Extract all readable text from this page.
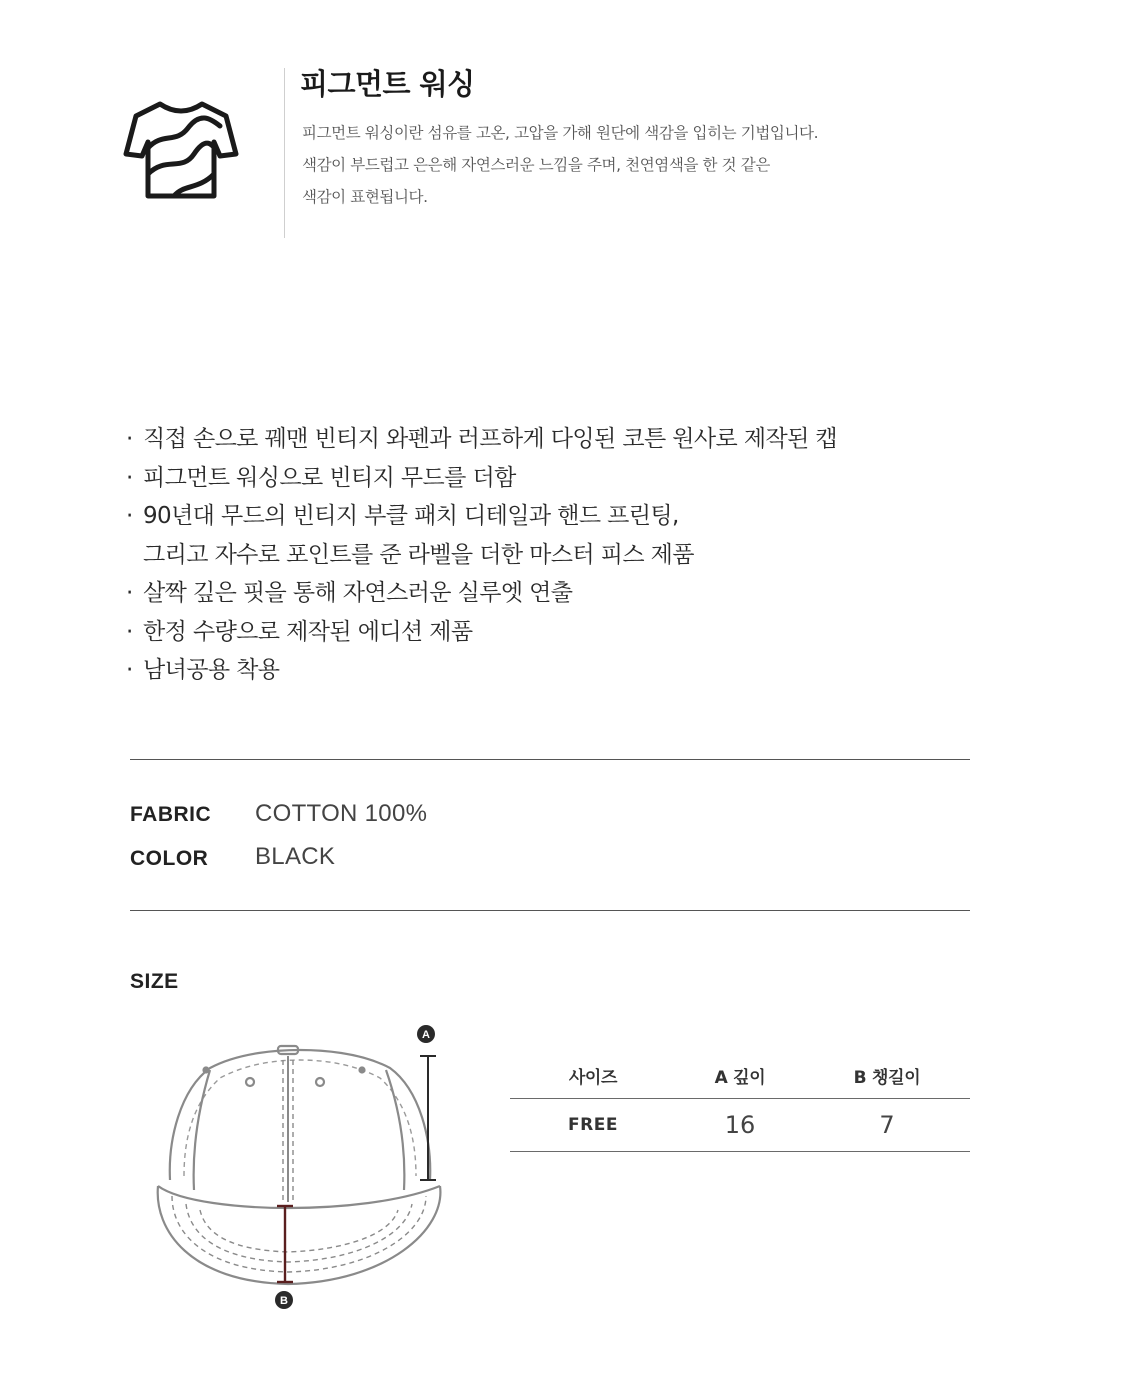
피그먼트 워싱
피그먼트 워싱이란 섬유를 고온, 고압을 가해 원단에 색감을 입히는 기법입니다.
색감이 부드럽고 은은해 자연스러운 느낌을 주며, 천연염색을 한 것 같은
색감이 표현됩니다.
· 직접 손으로 꿰맨 빈티지 와펜과 러프하게 다잉된 코튼 원사로 제작된 캡
· 피그먼트 워싱으로 빈티지 무드를 더함
· 90년대 무드의 빈티지 부클 패치 디테일과 핸드 프린팅,
그리고 자수로 포인트를 준 라벨을 더한 마스터 피스 제품
· 살짝 깊은 핏을 통해 자연스러운 실루엣 연출
· 한정 수량으로 제작된 에디션 제품
· 남녀공용 착용
FABRIC COTTON 100%
COLOR BLACK
SIZE
A
B
사이즈	A 깊이	B 챙길이
FREE	16	7
